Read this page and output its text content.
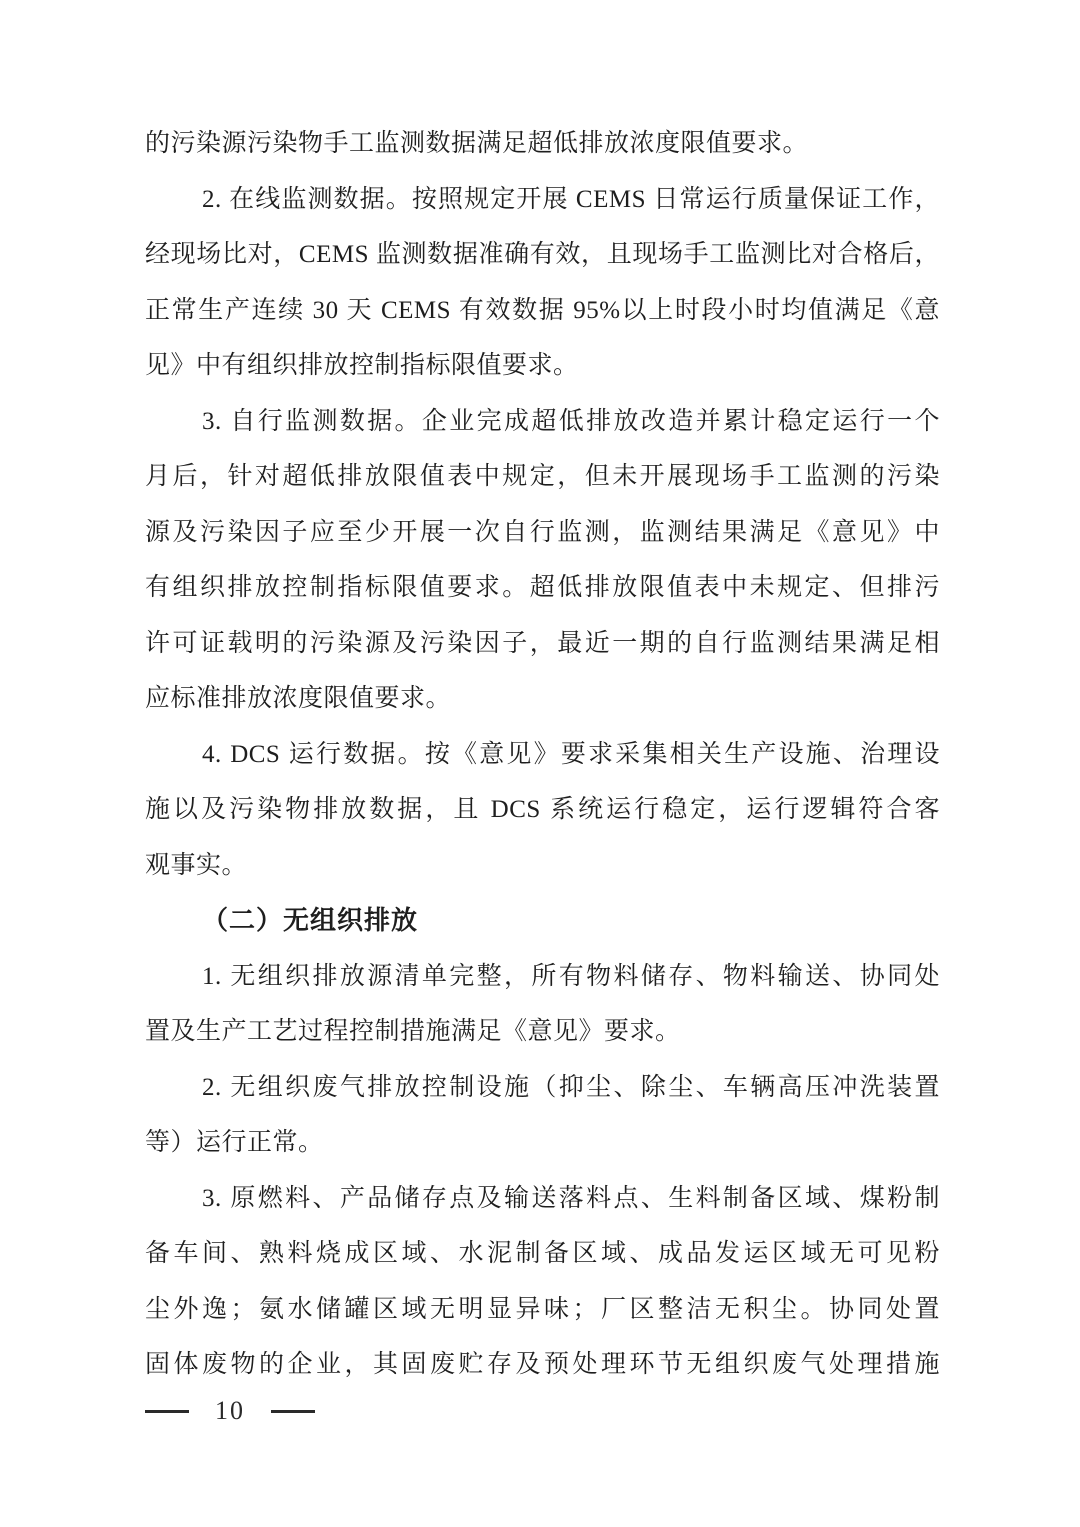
的污染源污染物手工监测数据满足超低排放浓度限值要求。
2. 在线监测数据。按照规定开展 CEMS 日常运行质量保证工作，
经现场比对，CEMS 监测数据准确有效，且现场手工监测比对合格后，
正常生产连续 30 天 CEMS 有效数据 95%以上时段小时均值满足《意
见》中有组织排放控制指标限值要求。
3. 自行监测数据。企业完成超低排放改造并累计稳定运行一个
月后，针对超低排放限值表中规定，但未开展现场手工监测的污染
源及污染因子应至少开展一次自行监测，监测结果满足《意见》中
有组织排放控制指标限值要求。超低排放限值表中未规定、但排污
许可证载明的污染源及污染因子，最近一期的自行监测结果满足相
应标准排放浓度限值要求。
4. DCS 运行数据。按《意见》要求采集相关生产设施、治理设
施以及污染物排放数据，且 DCS 系统运行稳定，运行逻辑符合客
观事实。
（二）无组织排放
1. 无组织排放源清单完整，所有物料储存、物料输送、协同处
置及生产工艺过程控制措施满足《意见》要求。
2. 无组织废气排放控制设施（抑尘、除尘、车辆高压冲洗装置
等）运行正常。
3. 原燃料、产品储存点及输送落料点、生料制备区域、煤粉制
备车间、熟料烧成区域、水泥制备区域、成品发运区域无可见粉
尘外逸；氨水储罐区域无明显异味；厂区整洁无积尘。协同处置
固体废物的企业，其固废贮存及预处理环节无组织废气处理措施
10
